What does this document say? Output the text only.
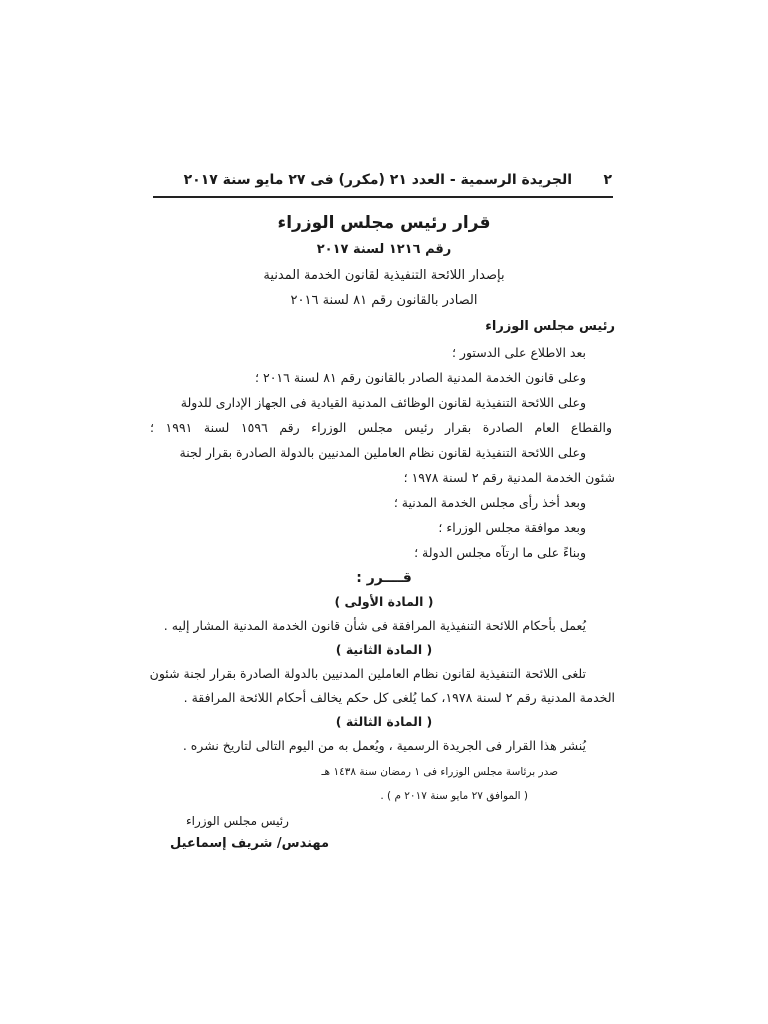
٢
الجريدة الرسمية - العدد ٢١ (مكرر) فى ٢٧ مايو سنة ٢٠١٧
قرار رئيس مجلس الوزراء
رقم ١٢١٦ لسنة ٢٠١٧
بإصدار اللائحة التنفيذية لقانون الخدمة المدنية
الصادر بالقانون رقم ٨١ لسنة ٢٠١٦
رئيس مجلس الوزراء
بعد الاطلاع على الدستور ؛
وعلى قانون الخدمة المدنية الصادر بالقانون رقم ٨١ لسنة ٢٠١٦ ؛
وعلى اللائحة التنفيذية لقانون الوظائف المدنية القيادية فى الجهاز الإدارى للدولة
والقطاع العام الصادرة بقرار رئيس مجلس الوزراء رقم ١٥٩٦ لسنة ١٩٩١ ؛
وعلى اللائحة التنفيذية لقانون نظام العاملين المدنيين بالدولة الصادرة بقرار لجنة
شئون الخدمة المدنية رقم ٢ لسنة ١٩٧٨ ؛
وبعد أخذ رأى مجلس الخدمة المدنية ؛
وبعد موافقة مجلس الوزراء ؛
وبناءً على ما ارتآه مجلس الدولة ؛
قــــرر :
( المادة الأولى )
يُعمل بأحكام اللائحة التنفيذية المرافقة فى شأن قانون الخدمة المدنية المشار إليه .
( المادة الثانية )
تلغى اللائحة التنفيذية لقانون نظام العاملين المدنيين بالدولة الصادرة بقرار لجنة شئون
الخدمة المدنية رقم ٢ لسنة ١٩٧٨، كما يُلغى كل حكم يخالف أحكام اللائحة المرافقة .
( المادة الثالثة )
يُنشر هذا القرار فى الجريدة الرسمية ، ويُعمل به من اليوم التالى لتاريخ نشره .
صدر برئاسة مجلس الوزراء فى ١ رمضان سنة ١٤٣٨ هـ
( الموافق ٢٧ مايو سنة ٢٠١٧ م ) .
رئيس مجلس الوزراء
مهندس/ شريف إسماعيل
